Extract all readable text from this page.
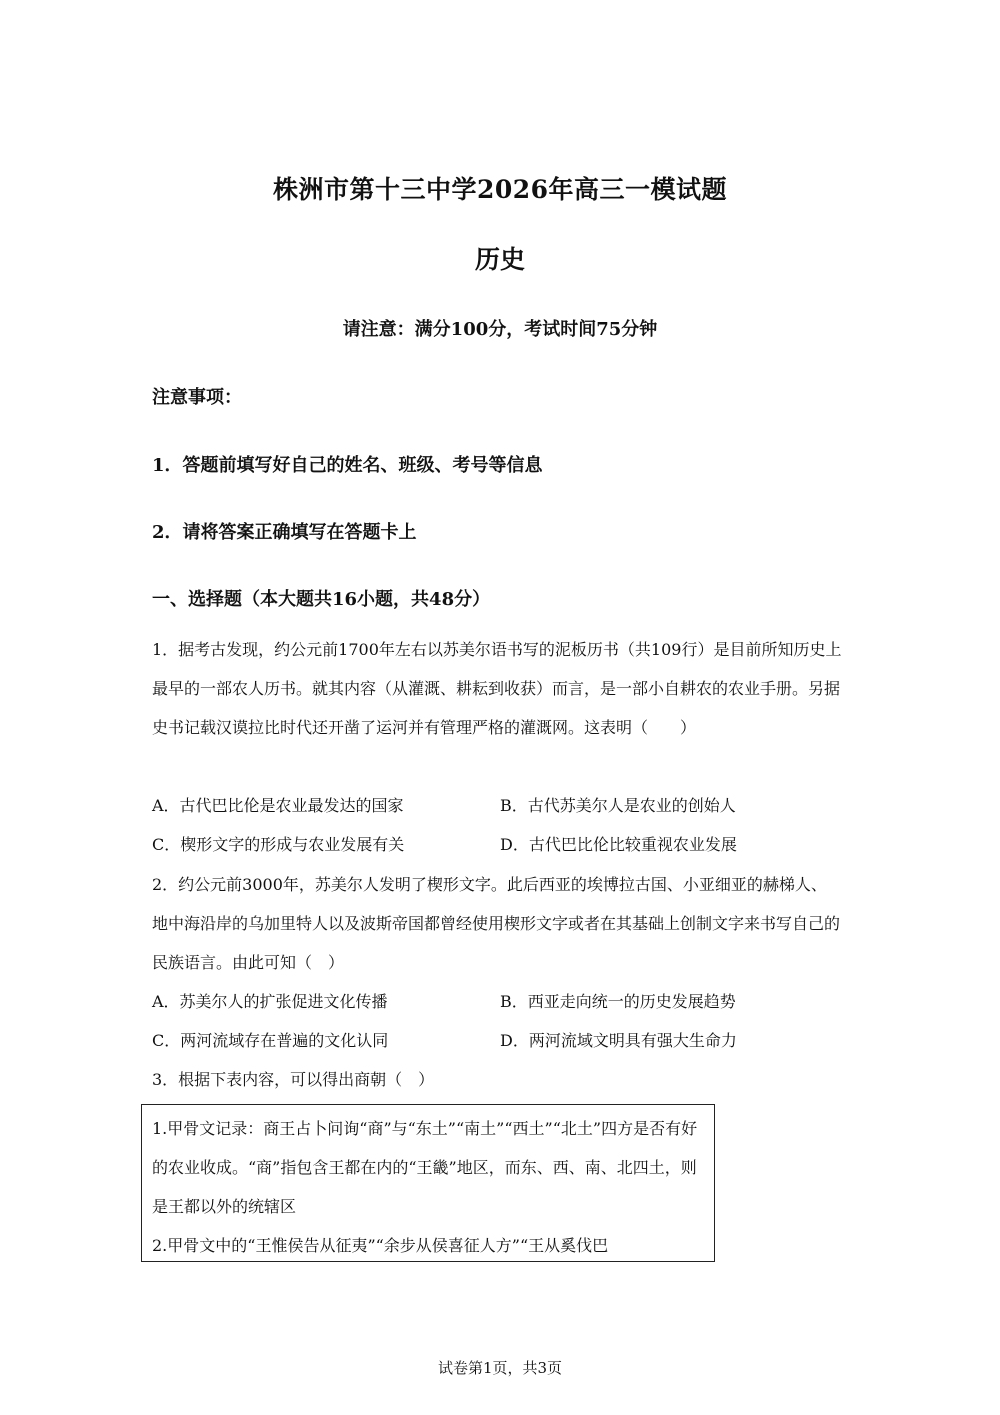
株洲市第十三中学2026年高三一模试题
历史
请注意：满分100分，考试时间75分钟
注意事项：
1．答题前填写好自己的姓名、班级、考号等信息
2．请将答案正确填写在答题卡上
一、选择题（本大题共16小题，共48分）
1．据考古发现，约公元前1700年左右以苏美尔语书写的泥板历书（共109行）是目前所知历史上最早的一部农人历书。就其内容（从灌溉、耕耘到收获）而言，是一部小自耕农的农业手册。另据史书记载汉谟拉比时代还开凿了运河并有管理严格的灌溉网。这表明（　　）
A．古代巴比伦是农业最发达的国家	B．古代苏美尔人是农业的创始人
C．楔形文字的形成与农业发展有关	D．古代巴比伦比较重视农业发展
2．约公元前3000年，苏美尔人发明了楔形文字。此后西亚的埃博拉古国、小亚细亚的赫梯人、地中海沿岸的乌加里特人以及波斯帝国都曾经使用楔形文字或者在其基础上创制文字来书写自己的民族语言。由此可知（　）
A．苏美尔人的扩张促进文化传播	B．西亚走向统一的历史发展趋势
C．两河流域存在普遍的文化认同	D．两河流域文明具有强大生命力
3．根据下表内容，可以得出商朝（　）

1.甲骨文记录：商王占卜问询“商”与“东土”“南土”“西土”“北土”四方是否有好的农业收成。“商”指包含王都在内的“王畿”地区，而东、西、南、北四土，则是王都以外的统辖区

2.甲骨文中的“王惟侯告从征夷”“余步从侯喜征人方”“王从奚伐巴

试卷第1页，共3页
